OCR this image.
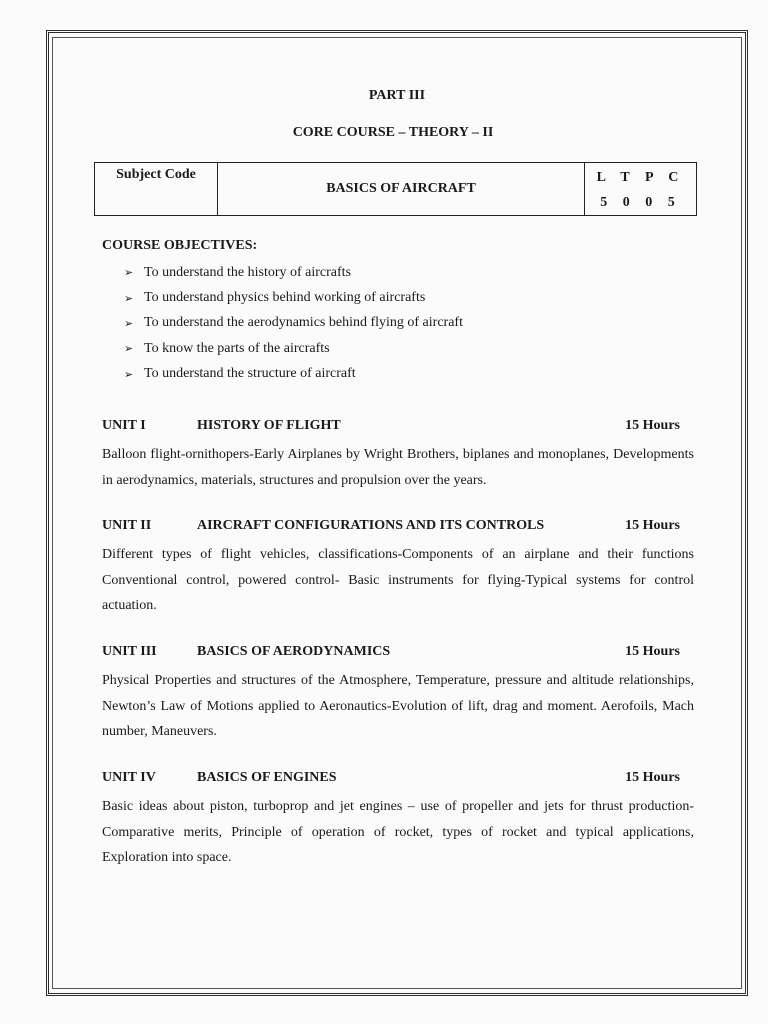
PART III
CORE COURSE – THEORY – II
Subject Code	BASICS OF AIRCRAFT	
L T P C
5 0 0 5
COURSE OBJECTIVES:
➢ To understand the history of aircrafts
➢ To understand physics behind working of aircrafts
➢ To understand the aerodynamics behind flying of aircraft
➢ To know the parts of the aircrafts
➢ To understand the structure of aircraft
UNIT I	HISTORY OF FLIGHT	15 Hours
Balloon flight-ornithopers-Early Airplanes by Wright Brothers, biplanes and monoplanes, Developments in aerodynamics, materials, structures and propulsion over the years.
UNIT II	AIRCRAFT CONFIGURATIONS AND ITS CONTROLS	15 Hours
Different types of flight vehicles, classifications-Components of an airplane and their functions Conventional control, powered control- Basic instruments for flying-Typical systems for control actuation.
UNIT III	BASICS OF AERODYNAMICS	15 Hours
Physical Properties and structures of the Atmosphere, Temperature, pressure and altitude relationships, Newton’s Law of Motions applied to Aeronautics-Evolution of lift, drag and moment. Aerofoils, Mach number, Maneuvers.
UNIT IV	BASICS OF ENGINES	15 Hours
Basic ideas about piston, turboprop and jet engines – use of propeller and jets for thrust production- Comparative merits, Principle of operation of rocket, types of rocket and typical applications, Exploration into space.
